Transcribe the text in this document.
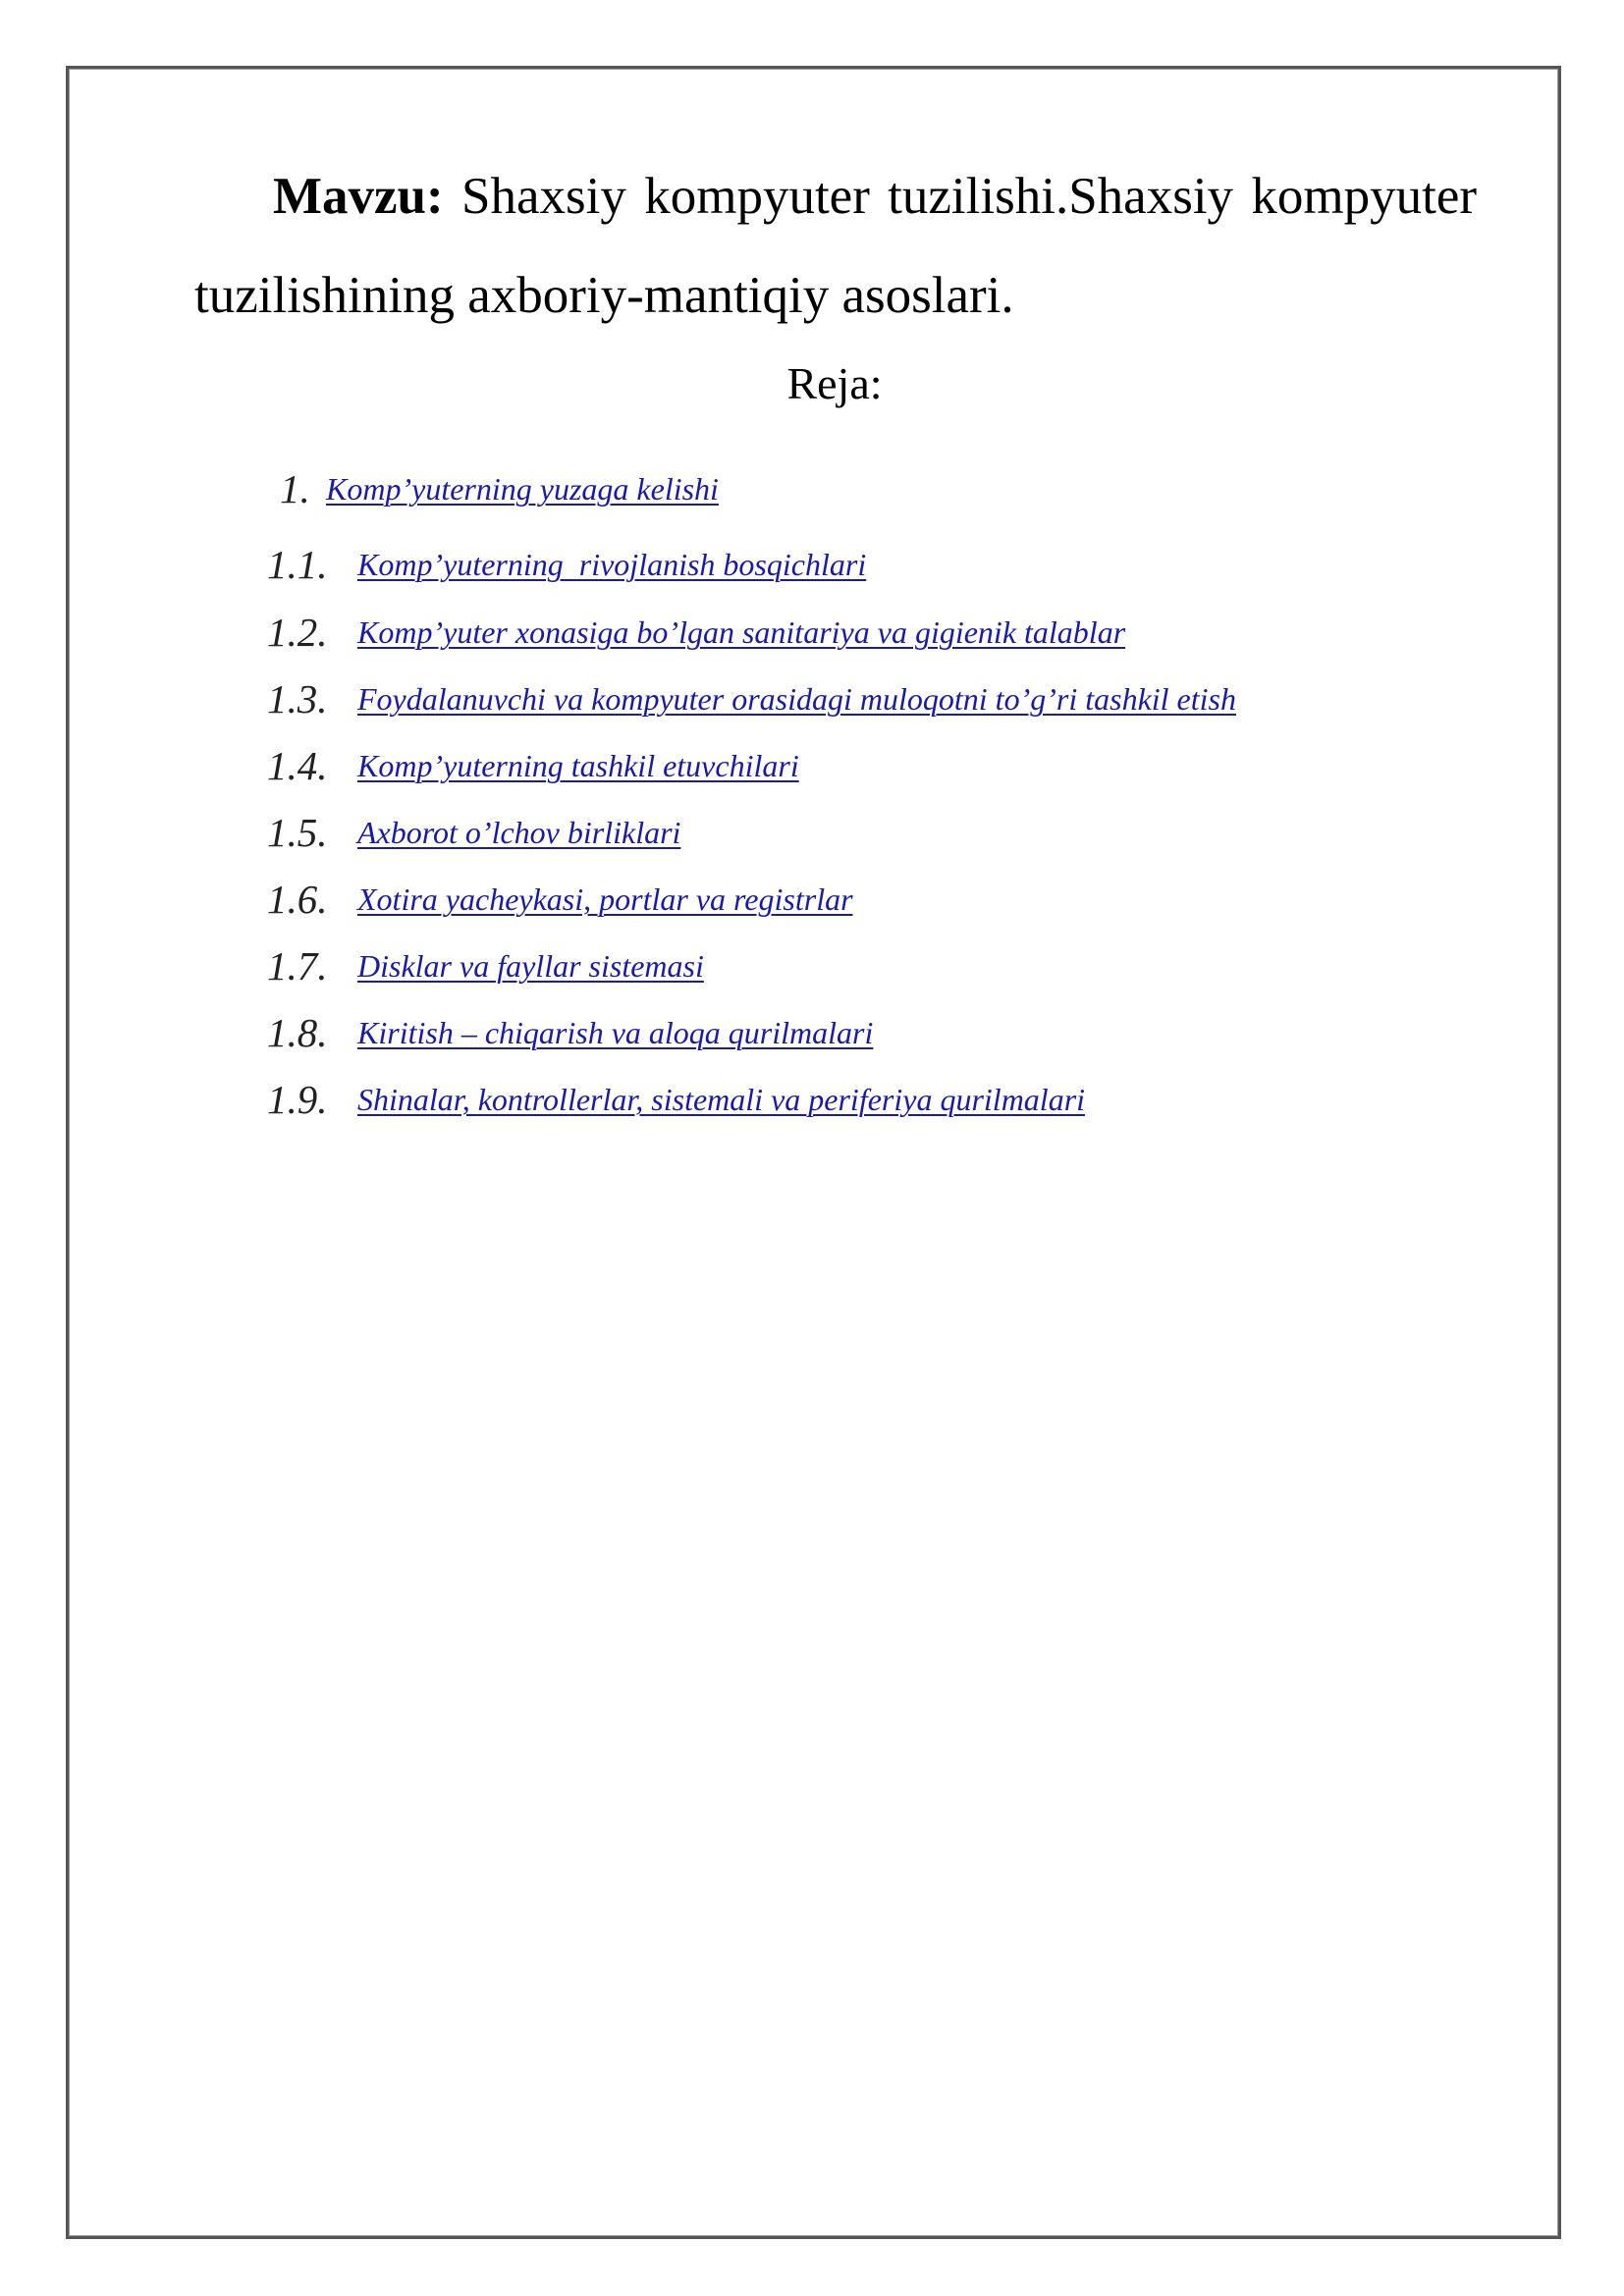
Mavzu: Shaxsiy kompyuter tuzilishi.Shaxsiy kompyuter tuzilishining axboriy-mantiqiy asoslari.

Reja:
1. Komp’yuterning yuzaga kelishi
1.1. Komp’yuterning  rivojlanish bosqichlari
1.2. Komp’yuter xonasiga bo’lgan sanitariya va gigienik talablar
1.3. Foydalanuvchi va kompyuter orasidagi muloqotni to’g’ri tashkil etish
1.4. Komp’yuterning tashkil etuvchilari
1.5. Axborot o’lchov birliklari
1.6. Xotira yacheykasi, portlar va registrlar
1.7. Disklar va fayllar sistemasi
1.8. Kiritish – chiqarish va aloqa qurilmalari
1.9. Shinalar, kontrollerlar, sistemali va periferiya qurilmalari
